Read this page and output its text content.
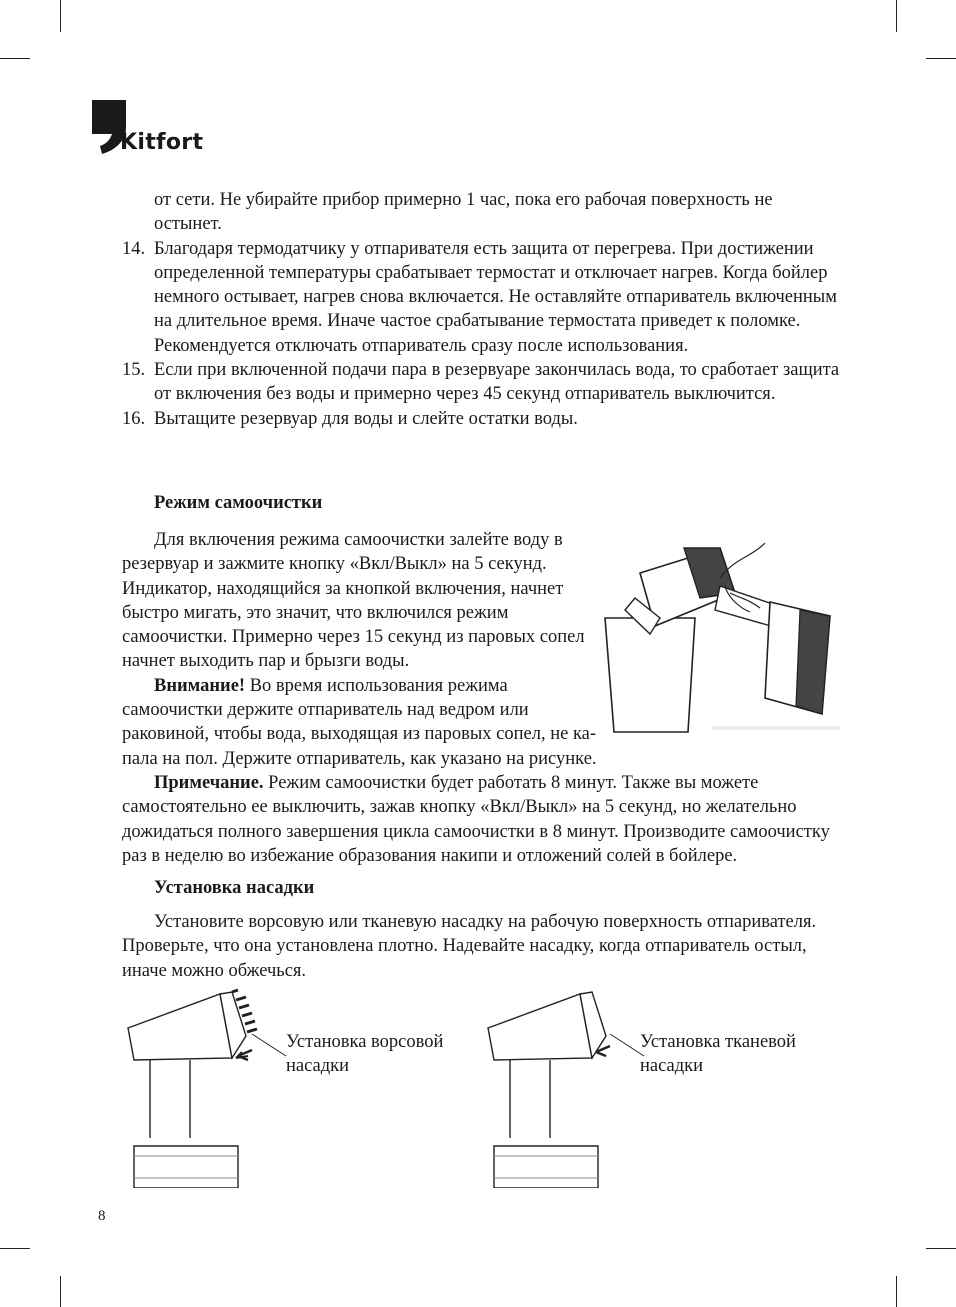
Kitfort
от сети. Не убирайте прибор примерно 1 час, пока его рабочая поверхность не остынет.
14. Благодаря термодатчику у отпаривателя есть защита от перегрева. При достижении определенной температуры срабатывает термостат и отключает нагрев. Когда бойлер немного остывает, нагрев снова включается. Не оставляйте отпариватель включенным на длительное время. Иначе частое срабатывание термостата приведет к поломке. Рекомендуется отключать отпариватель сразу после использования.
15. Если при включенной подачи пара в резервуаре закончилась вода, то сработает защита от включения без воды и примерно через 45 секунд отпариватель выключится.
16. Вытащите резервуар для воды и слейте остатки воды.
Режим самоочистки

Для включения режима самоочистки залейте воду в резервуар и зажмите кнопку «Вкл/Выкл» на 5 секунд. Индикатор, находящийся за кнопкой включения, начнет быстро мигать, это значит, что включился режим самоочистки. Примерно через 15 секунд из паровых сопел начнет выходить пар и брызги воды.

Внимание! Во время использования режима самоочистки держите отпариватель над ведром или раковиной, чтобы вода, выходящая из паровых сопел, не ка-

пала на пол. Держите отпариватель, как указано на рисунке.

Примечание. Режим самоочистки будет работать 8 минут. Также вы можете самостоятельно ее выключить, зажав кнопку «Вкл/Выкл» на 5 секунд, но желательно дожидаться полного завершения цикла самоочистки в 8 минут. Производите самоочистку раз в неделю во избежание образования накипи и отложений солей в бойлере.

Установка насадки

Установите ворсовую или тканевую насадку на рабочую поверхность отпаривателя. Проверьте, что она установлена плотно. Надевайте насадку, когда отпариватель остыл, иначе можно обжечься.

Установка ворсовой насадки
Установка тканевой насадки
8
